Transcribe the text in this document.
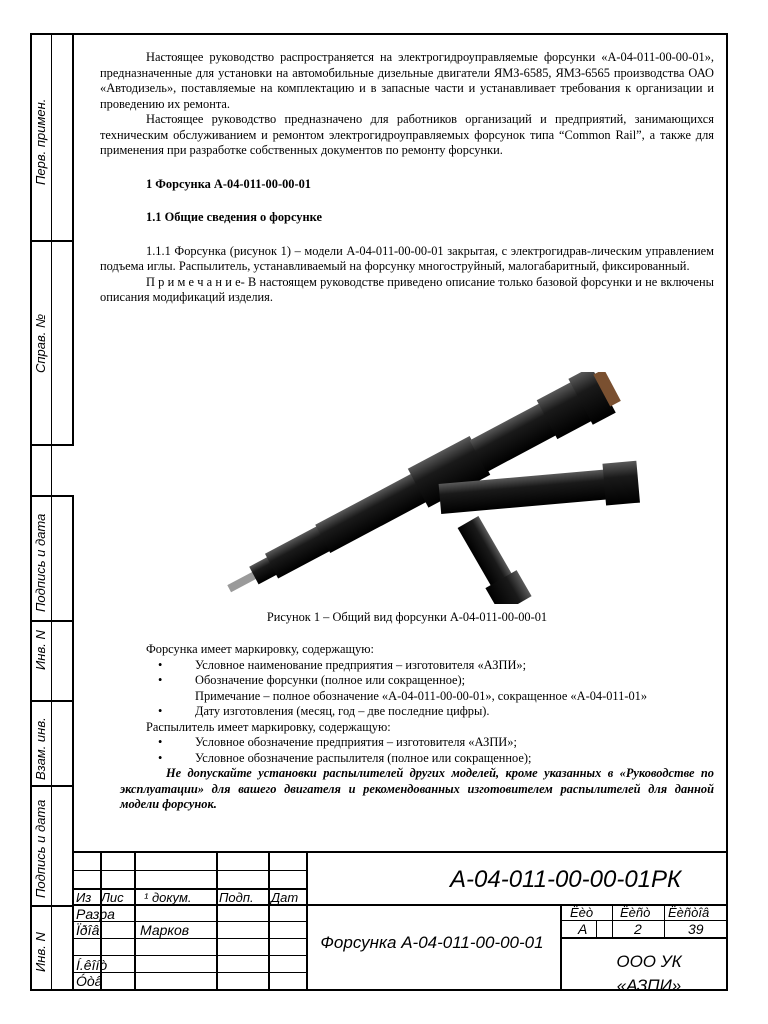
Перв. примен.
Справ. №
Подпись и дата
Инв. N
Взам. инв.
Подпись и дата
Инв. N

Настоящее руководство распространяется на электрогидроуправляемые форсунки «А-04-011-00-00-01», предназначенные для установки на автомобильные дизельные двигатели ЯМЗ-6585, ЯМЗ-6565 производства ОАО «Автодизель», поставляемые на комплектацию и в запасные части и устанавливает требования к организации и проведению их ремонта.

Настоящее руководство предназначено для работников организаций и предприятий, занимающихся техническим обслуживанием и ремонтом электрогидроуправляемых форсунок типа “Common Rail”, а также для применения при разработке собственных документов по ремонту форсунки.

1 Форсунка А-04-011-00-00-01

1.1 Общие сведения о форсунке

1.1.1 Форсунка (рисунок 1) – модели А-04-011-00-00-01 закрытая, с электрогидрав-лическим управлением подъема иглы. Распылитель, устанавливаемый на форсунку многоструйный, малогабаритный, фиксированный.

П р и м е ч а н и е- В настоящем руководстве приведено описание только базовой форсунки и не включены описания модификаций изделия.

Рисунок 1 – Общий вид форсунки А-04-011-00-00-01

Форсунка имеет маркировку, содержащую:

• Условное наименование предприятия – изготовителя «АЗПИ»;
• Обозначение форсунки (полное или сокращенное);

Примечание – полное обозначение «А-04-011-00-00-01», сокращенное «А-04-011-01»

• Дату изготовления (месяц, год – две последние цифры).

Распылитель имеет маркировку, содержащую:

• Условное обозначение предприятия – изготовителя «АЗПИ»;
• Условное обозначение распылителя (полное или сокращенное);

Не допускайте установки распылителей других моделей, кроме указанных в «Руководстве по эксплуатации» для вашего двигателя и рекомендованных изготовителем распылителей для данной модели форсунок.

А-04-011-00-00-01РК
Из Лис ¹ докум. Подп. Дат
Разра
Ïðîâ	Марков
Í.êîíò
Óòâ
Форсунка А-04-011-00-00-01
Ëèò Ëèñò Ëèñòîâ
А	2	39
ООО УК «АЗПИ»
